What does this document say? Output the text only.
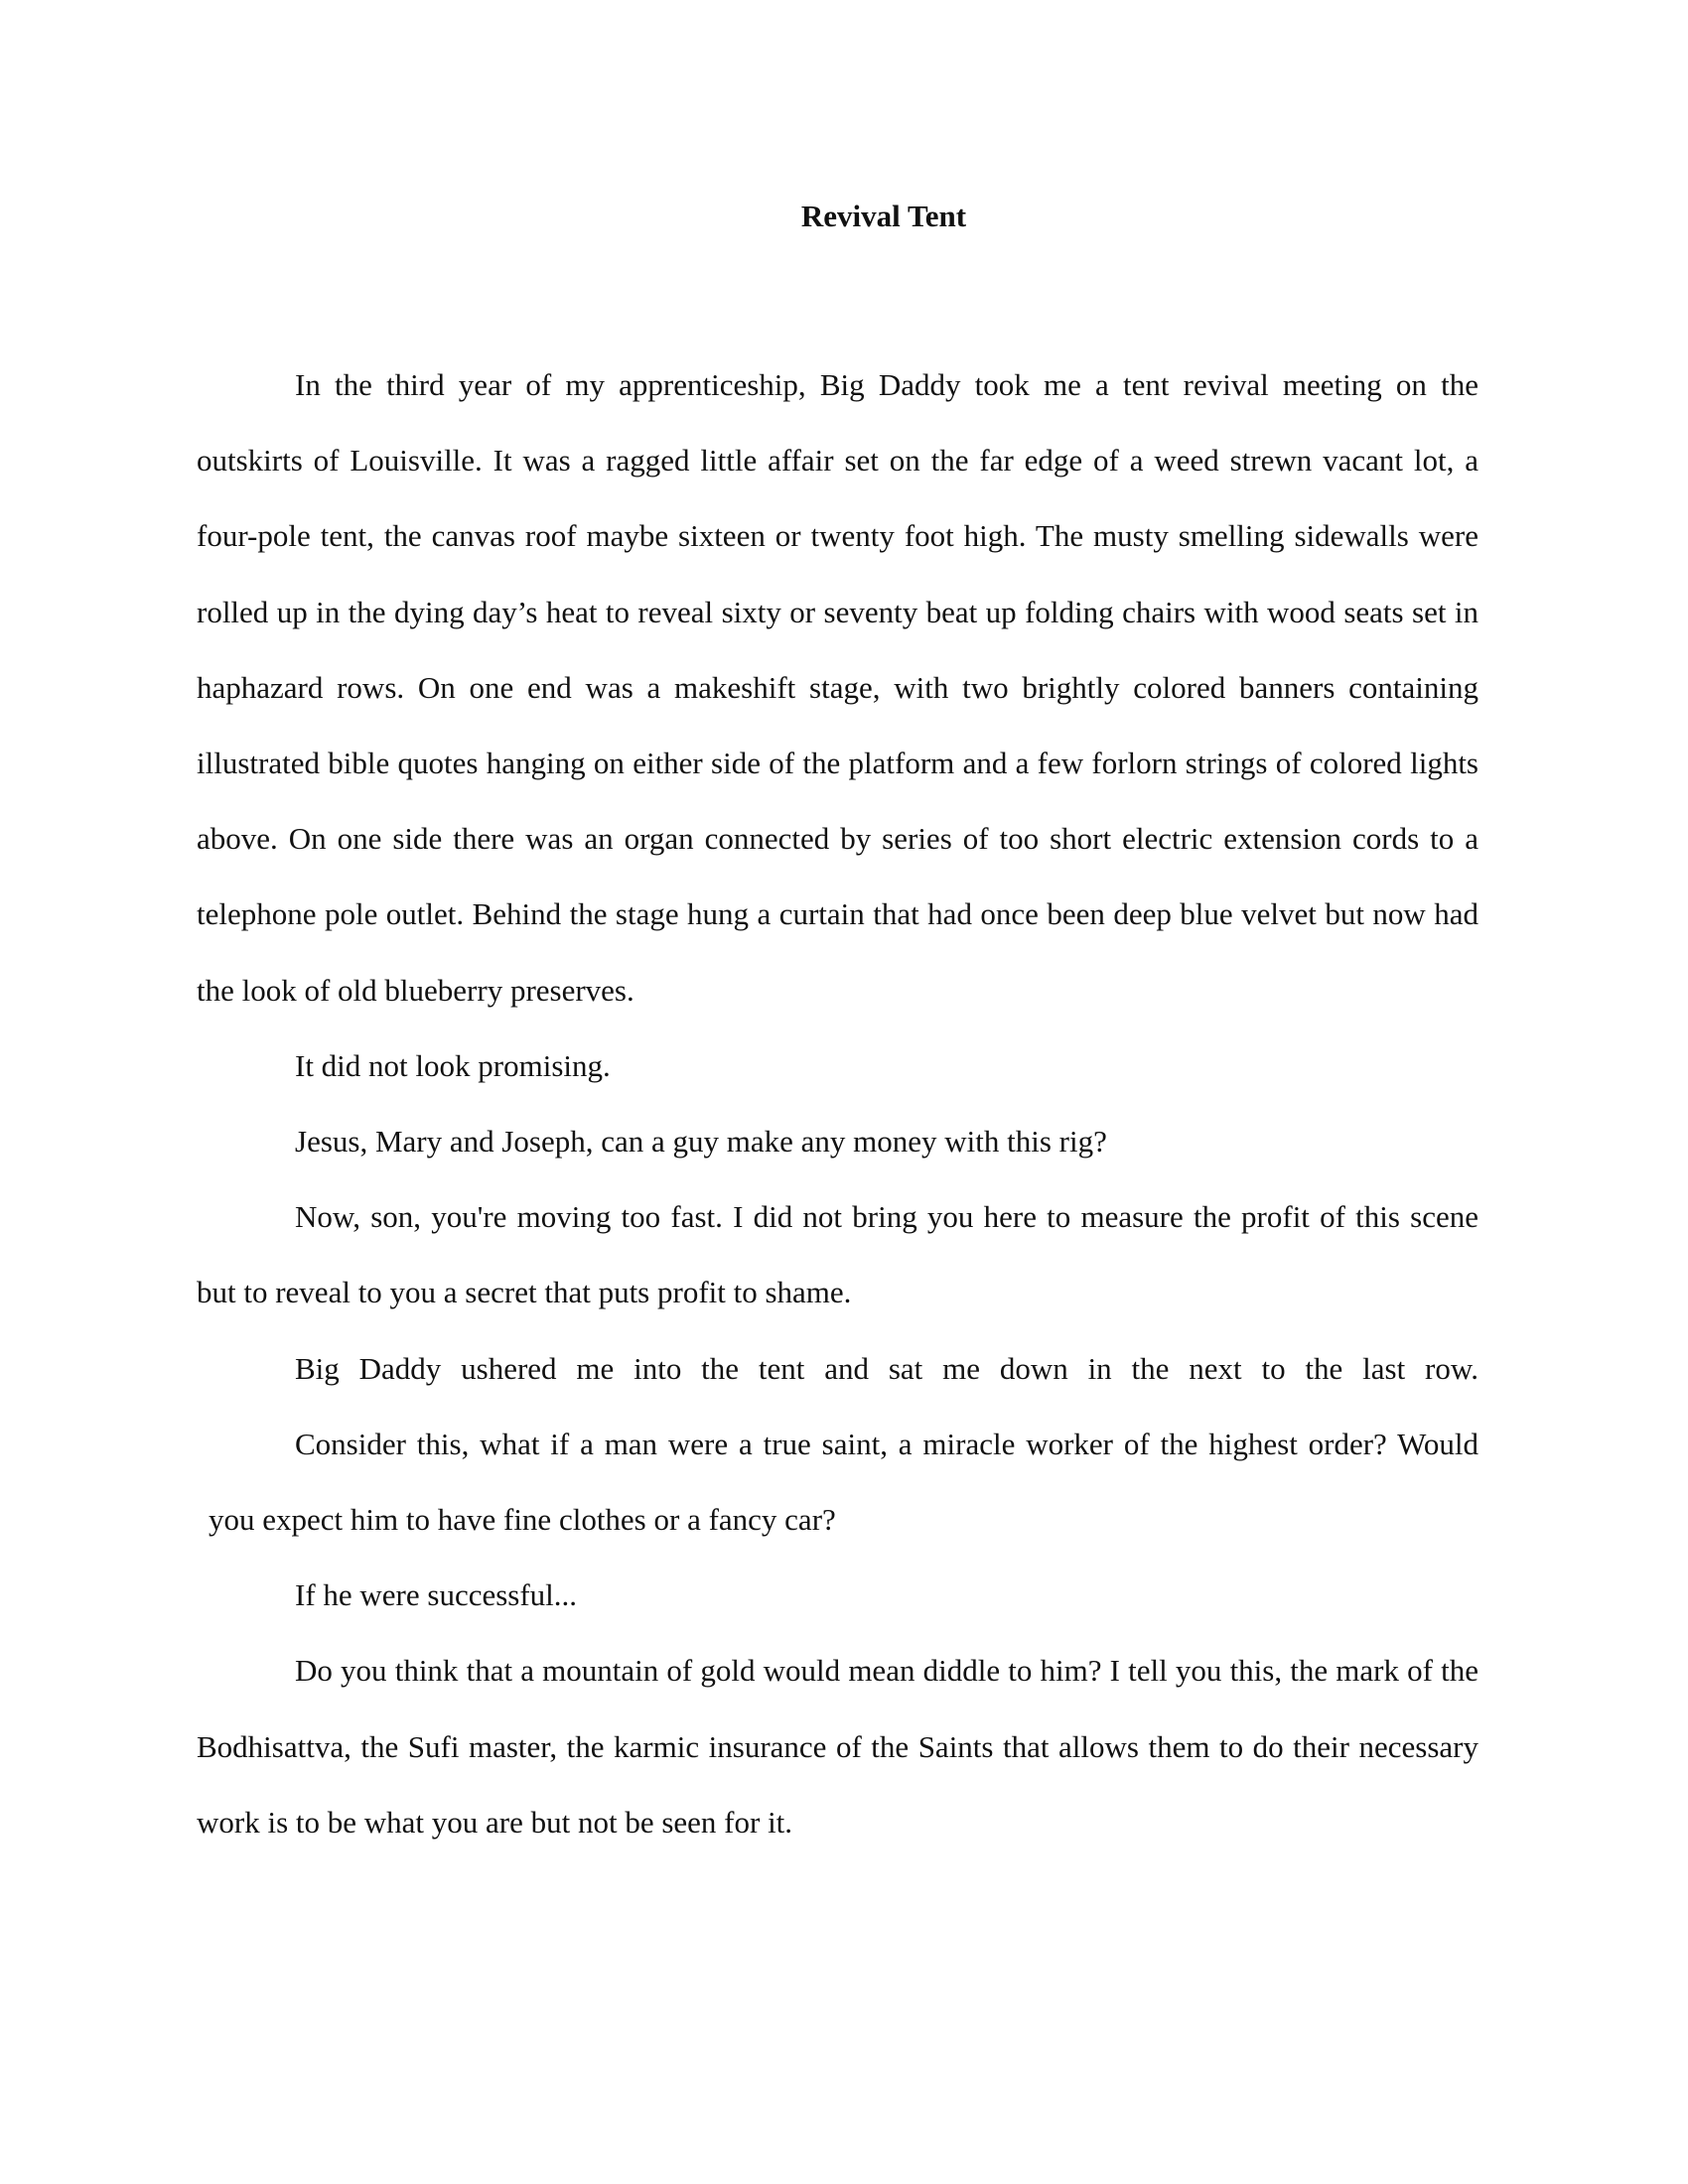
Revival Tent

In the third year of my apprenticeship, Big Daddy took me a tent revival meeting on the outskirts of Louisville. It was a ragged little affair set on the far edge of a weed strewn vacant lot, a four-pole tent, the canvas roof maybe sixteen or twenty foot high. The musty smelling sidewalls were rolled up in the dying day’s heat to reveal sixty or seventy beat up folding chairs with wood seats set in haphazard rows. On one end was a makeshift stage, with two brightly colored banners containing illustrated bible quotes hanging on either side of the platform and a few forlorn strings of colored lights above. On one side there was an organ connected by series of too short electric extension cords to a telephone pole outlet. Behind the stage hung a curtain that had once been deep blue velvet but now had the look of old blueberry preserves.

It did not look promising.

Jesus, Mary and Joseph, can a guy make any money with this rig?

Now, son, you're moving too fast. I did not bring you here to measure the profit of this scene but to reveal to you a secret that puts profit to shame.

Big Daddy ushered me into the tent and sat me down in the next to the last row.
Consider this, what if a man were a true saint, a miracle worker of the highest order? Would
you expect him to have fine clothes or a fancy car?

If he were successful...

Do you think that a mountain of gold would mean diddle to him? I tell you this, the mark of the Bodhisattva, the Sufi master, the karmic insurance of the Saints that allows them to do their necessary work is to be what you are but not be seen for it.
